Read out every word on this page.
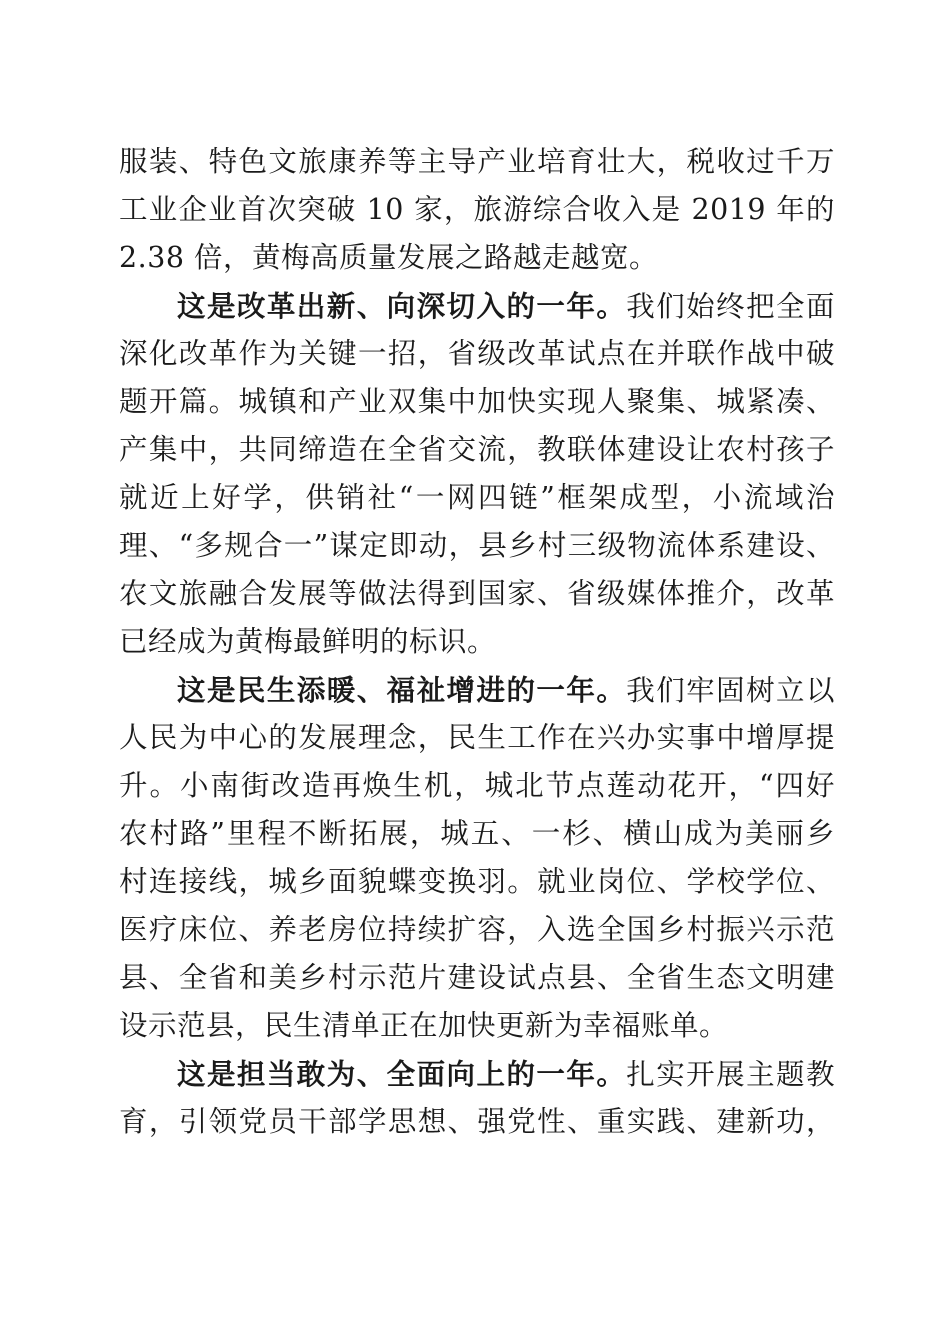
服装、特色文旅康养等主导产业培育壮大，税收过千万
工业企业首次突破 10 家，旅游综合收入是 2019 年的
2.38 倍，黄梅高质量发展之路越走越宽。
这是改革出新、向深切入的一年。我们始终把全面
深化改革作为关键一招，省级改革试点在并联作战中破
题开篇。城镇和产业双集中加快实现人聚集、城紧凑、
产集中，共同缔造在全省交流，教联体建设让农村孩子
就近上好学，供销社“一网四链”框架成型，小流域治
理、“多规合一”谋定即动，县乡村三级物流体系建设、
农文旅融合发展等做法得到国家、省级媒体推介，改革
已经成为黄梅最鲜明的标识。
这是民生添暖、福祉增进的一年。我们牢固树立以
人民为中心的发展理念，民生工作在兴办实事中增厚提
升。小南街改造再焕生机，城北节点莲动花开，“四好
农村路”里程不断拓展，城五、一杉、横山成为美丽乡
村连接线，城乡面貌蝶变换羽。就业岗位、学校学位、
医疗床位、养老房位持续扩容，入选全国乡村振兴示范
县、全省和美乡村示范片建设试点县、全省生态文明建
设示范县，民生清单正在加快更新为幸福账单。
这是担当敢为、全面向上的一年。扎实开展主题教
育，引领党员干部学思想、强党性、重实践、建新功，
